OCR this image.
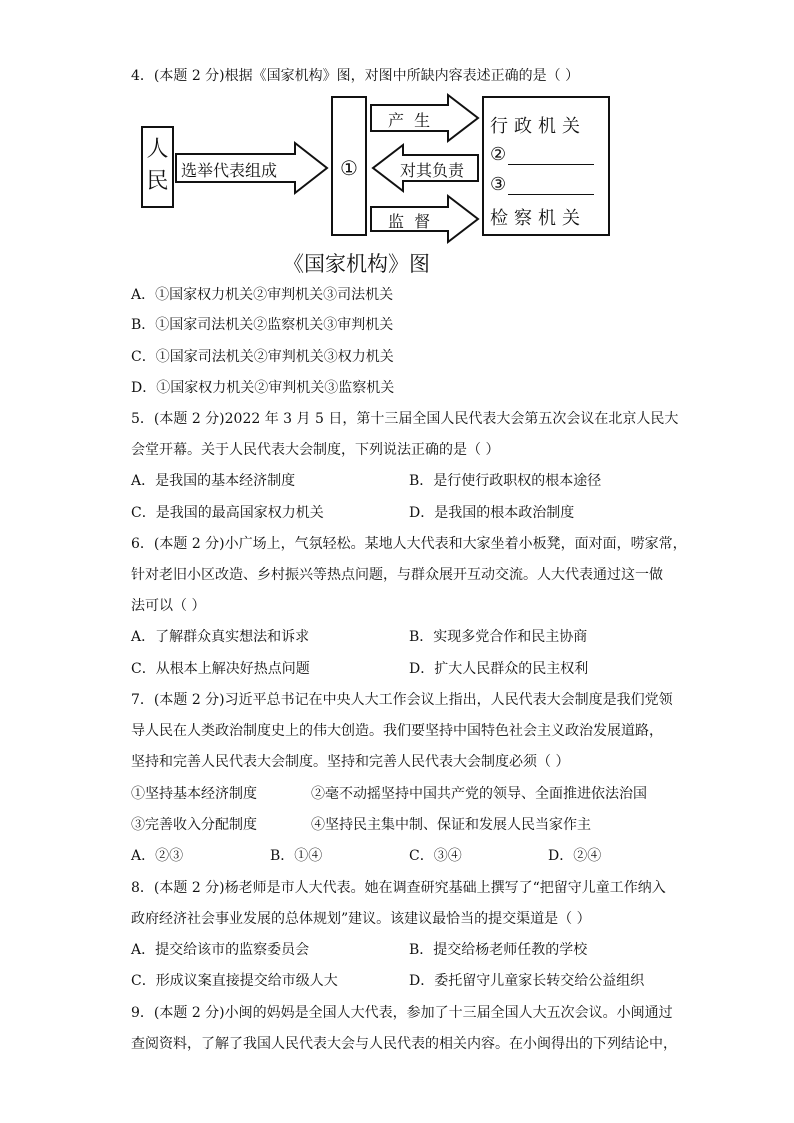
4．(本题 2 分)根据《国家机构》图，对图中所缺内容表述正确的是（ ）
人
民 选举代表组成
产  生
对其负责
监  督
①
行政机关
②
③
检察机关
《国家机构》图
A．①国家权力机关②审判机关③司法机关
B．①国家司法机关②监察机关③审判机关
C．①国家司法机关②审判机关③权力机关
D．①国家权力机关②审判机关③监察机关
5．(本题 2 分)2022 年 3 月 5 日，第十三届全国人民代表大会第五次会议在北京人民大
会堂开幕。关于人民代表大会制度，下列说法正确的是（ ）
A．是我国的基本经济制度	B．是行使行政职权的根本途径
C．是我国的最高国家权力机关	D．是我国的根本政治制度
6．(本题 2 分)小广场上，气氛轻松。某地人大代表和大家坐着小板凳，面对面，唠家常，
针对老旧小区改造、乡村振兴等热点问题，与群众展开互动交流。人大代表通过这一做
法可以（ ）
A．了解群众真实想法和诉求	B．实现多党合作和民主协商
C．从根本上解决好热点问题	D．扩大人民群众的民主权利
7．(本题 2 分)习近平总书记在中央人大工作会议上指出，人民代表大会制度是我们党领
导人民在人类政治制度史上的伟大创造。我们要坚持中国特色社会主义政治发展道路，
坚持和完善人民代表大会制度。坚持和完善人民代表大会制度必须（ ）
①坚持基本经济制度	②毫不动摇坚持中国共产党的领导、全面推进依法治国
③完善收入分配制度	④坚持民主集中制、保证和发展人民当家作主
A．②③	B．①④	C．③④	D．②④
8．(本题 2 分)杨老师是市人大代表。她在调查研究基础上撰写了“把留守儿童工作纳入
政府经济社会事业发展的总体规划”建议。该建议最恰当的提交渠道是（ ）
A．提交给该市的监察委员会	B．提交给杨老师任教的学校
C．形成议案直接提交给市级人大	D．委托留守儿童家长转交给公益组织
9．(本题 2 分)小闽的妈妈是全国人大代表，参加了十三届全国人大五次会议。小闽通过
查阅资料，了解了我国人民代表大会与人民代表的相关内容。在小闽得出的下列结论中，
